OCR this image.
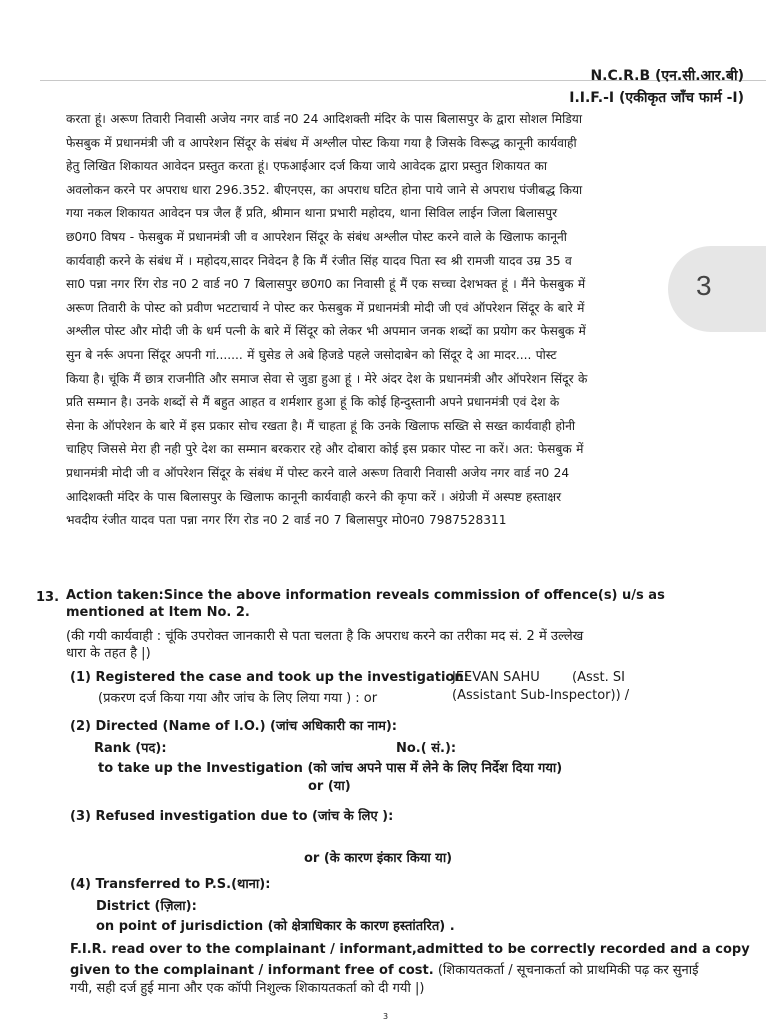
N.C.R.B (एन.सी.आर.बी)
I.I.F.-I (एकीकृत जाँच फार्म -I)
3
करता हूं। अरूण तिवारी निवासी अजेय नगर वार्ड न0 24 आदिशक्ती मंदिर के पास बिलासपुर के द्वारा सोशल मिडिया
फेसबुक में प्रधानमंत्री जी व आपरेशन सिंदूर के संबंध में अश्लील पोस्ट किया गया है जिसके विरूद्ध कानूनी कार्यवाही
हेतु लिखित शिकायत आवेदन प्रस्तुत करता हूं। एफआईआर दर्ज किया जाये आवेदक द्वारा प्रस्तुत शिकायत का
अवलोकन करने पर अपराध धारा 296.352. बीएनएस, का अपराध घटित होना पाये जाने से अपराध पंजीबद्ध किया
गया नकल शिकायत आवेदन पत्र जैल हैं प्रति, श्रीमान थाना प्रभारी महोदय, थाना सिविल लाईन जिला बिलासपुर
छ0ग0 विषय - फेसबुक में प्रधानमंत्री जी व आपरेशन सिंदूर के संबंध अश्लील पोस्ट करने वाले के खिलाफ कानूनी
कार्यवाही करने के संबंध में । महोदय,सादर निवेदन है कि मैं रंजीत सिंह यादव पिता स्व श्री रामजी यादव उम्र 35 व
सा0 पन्ना नगर रिंग रोड न0 2 वार्ड न0 7 बिलासपुर छ0ग0 का निवासी हूं मैं एक सच्चा देशभक्त हूं । मैंने फेसबुक में
अरूण तिवारी के पोस्ट को प्रवीण भटटाचार्य ने पोस्ट कर फेसबुक में प्रधानमंत्री मोदी जी एवं ऑपरेशन सिंदूर के बारे में
अश्लील पोस्ट और मोदी जी के धर्म पत्नी के बारे में सिंदूर को लेकर भी अपमान जनक शब्दों का प्रयोग कर फेसबुक में
सुन बे नर्रू अपना सिंदूर अपनी गां....... में घुसेड ले अबे हिजडे पहले जसोदाबेन को सिंदूर दे आ मादर.... पोस्ट
किया है। चूंकि मैं छात्र राजनीति और समाज सेवा से जुडा हुआ हूं । मेरे अंदर देश के प्रधानमंत्री और ऑपरेशन सिंदूर के
प्रति सम्मान है। उनके शब्दों से मैं बहुत आहत व शर्मशार हुआ हूं कि कोई हिन्दुस्तानी अपने प्रधानमंत्री एवं देश के
सेना के ऑपरेशन के बारे में इस प्रकार सोच रखता है। मैं चाहता हूं कि उनके खिलाफ सख्ति से सख्त कार्यवाही होनी
चाहिए जिससे मेरा ही नही पुरे देश का सम्मान बरकरार रहे और दोबारा कोई इस प्रकार पोस्ट ना करें। अत: फेसबुक में
प्रधानमंत्री मोदी जी व ऑपरेशन सिंदूर के संबंध में पोस्ट करने वाले अरूण तिवारी निवासी अजेय नगर वार्ड न0 24
आदिशक्ती मंदिर के पास बिलासपुर के खिलाफ कानूनी कार्यवाही करने की कृपा करें । अंग्रेजी में अस्पष्ट हस्ताक्षर
भवदीय रंजीत यादव पता पन्ना नगर रिंग रोड न0 2 वार्ड न0 7 बिलासपुर मो0न0 7987528311
13. Action taken:Since the above information reveals commission of offence(s) u/s as
mentioned at Item No. 2.
(की गयी कार्यवाही : चूंकि उपरोक्त जानकारी से पता चलता है कि अपराध करने का तरीका मद सं. 2 में उल्लेख
धारा के तहत है |)
(1) Registered the case and took up the investigation:
(प्रकरण दर्ज किया गया और जांच के लिए लिया गया ) : or
JEEVAN SAHU (Asst. SI
(Assistant Sub-Inspector)) /
(2) Directed (Name of I.O.) (जांच अधिकारी का नाम):
Rank (पद):	No.( सं.):
to take up the Investigation (को जांच अपने पास में लेने के लिए निर्देश दिया गया)
or (या)
(3) Refused investigation due to (जांच के लिए ):
or (के कारण इंकार किया या)
(4) Transferred to P.S.(थाना):
District (ज़िला):
on point of jurisdiction (को क्षेत्राधिकार के कारण हस्तांतरित) .
F.I.R. read over to the complainant / informant,admitted to be correctly recorded and a copy
given to the complainant / informant free of cost. (शिकायतकर्ता / सूचनाकर्ता को प्राथमिकी पढ़ कर सुनाई
गयी, सही दर्ज हुई माना और एक कॉपी निशुल्क शिकायतकर्ता को दी गयी |)
3
